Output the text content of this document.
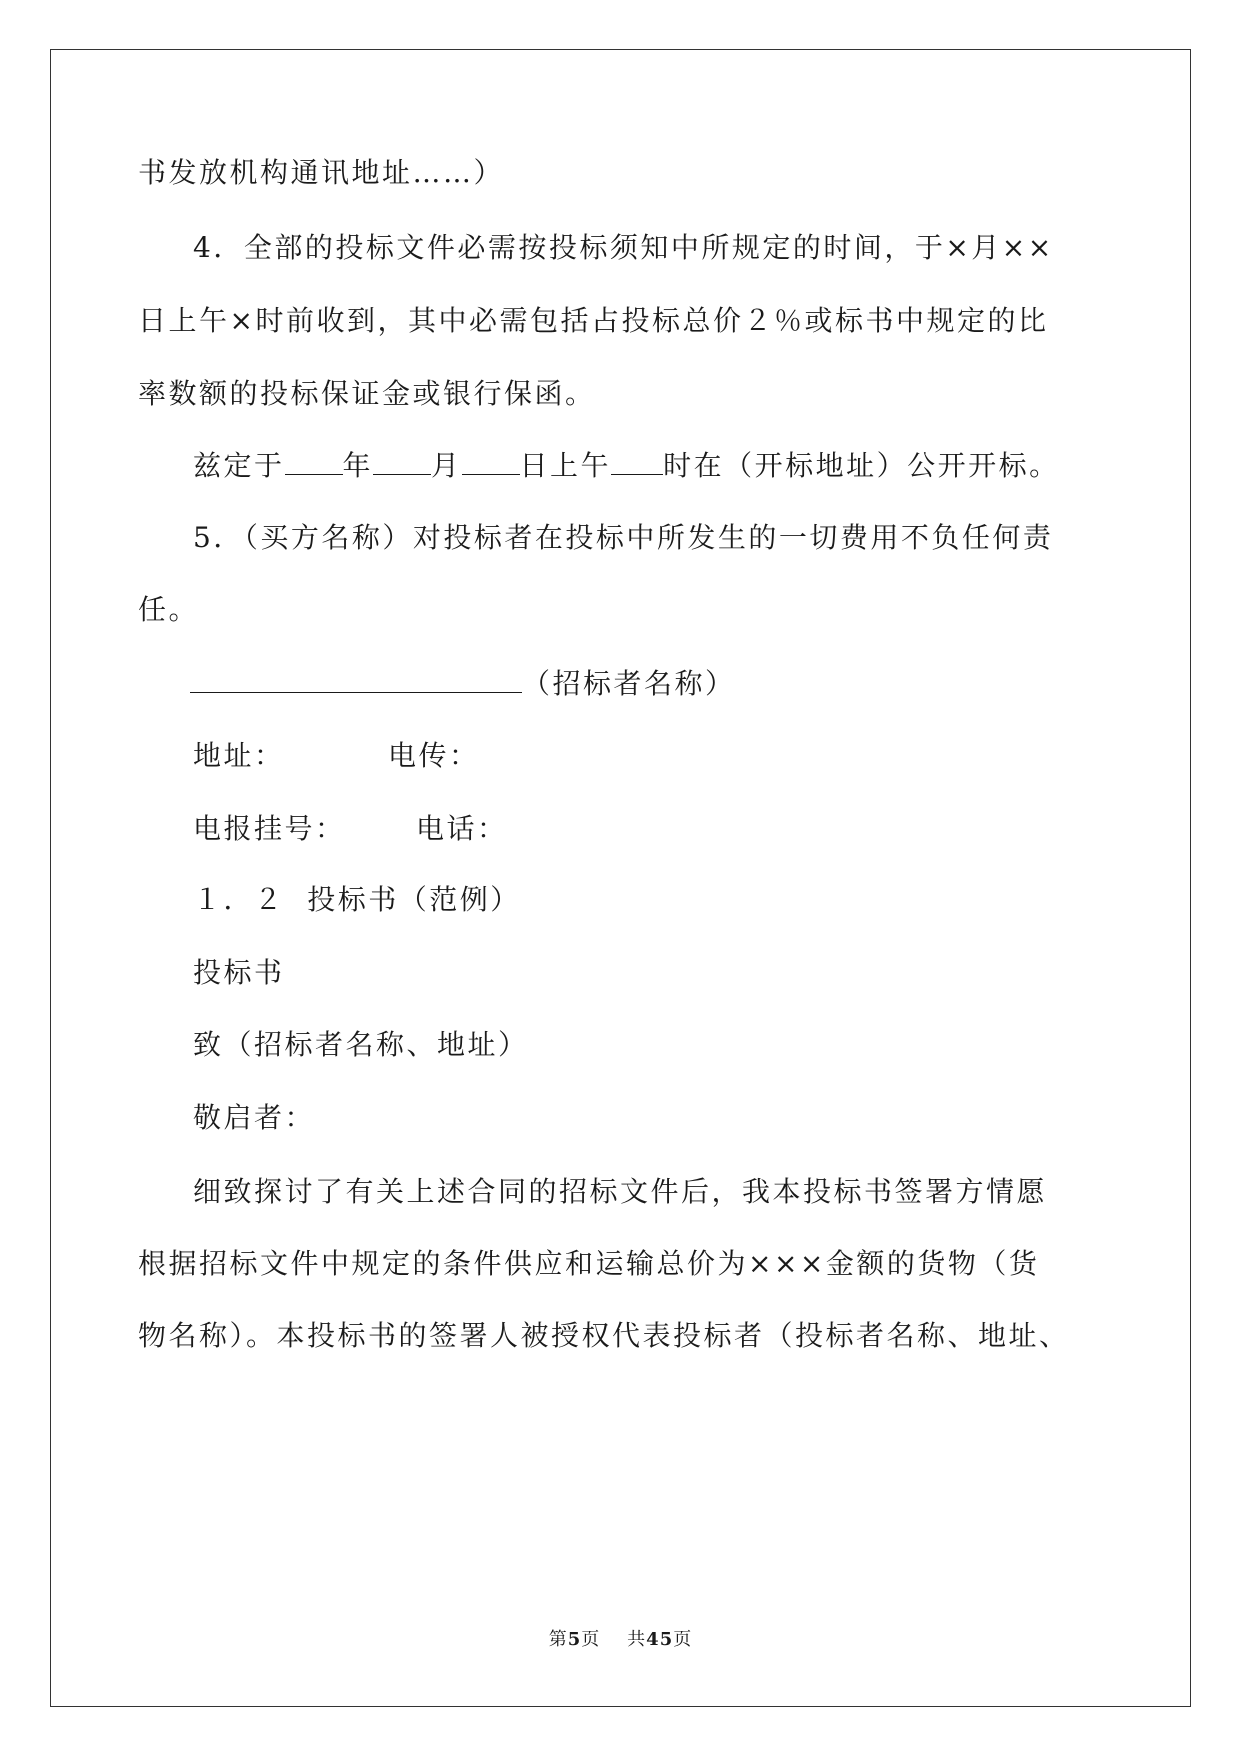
书发放机构通讯地址……）
4．全部的投标文件必需按投标须知中所规定的时间，于×月××
日上午×时前收到，其中必需包括占投标总价２％或标书中规定的比
率数额的投标保证金或银行保函。
兹定于 年 月 日上午 时在（开标地址）公开开标。
5．（买方名称）对投标者在投标中所发生的一切费用不负任何责
任。
（招标者名称）
地址：	电传：
电报挂号：	电话：
１．２  投标书（范例）
投标书
致（招标者名称、地址）
敬启者：
细致探讨了有关上述合同的招标文件后，我本投标书签署方情愿
根据招标文件中规定的条件供应和运输总价为×××金额的货物（货
物名称）。本投标书的签署人被授权代表投标者（投标者名称、地址、
第5页 共45页
